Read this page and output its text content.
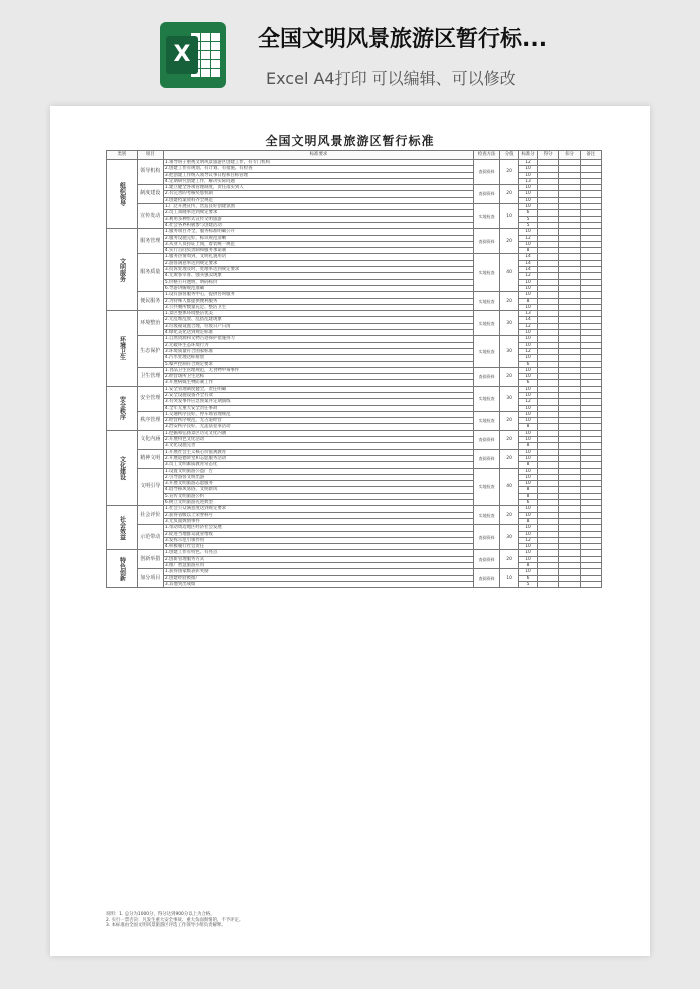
X
全国文明风景旅游区暂行标...
Excel A4打印 可以编辑、可以修改
全国文明风景旅游区暂行标准
类别	项目	标准要求	检查方法	分值	标准分	得分	扣分	备注
组织领导	领导机构	1.领导班子重视文明风景旅游区创建工作，有专门机构	查阅资料	20	12			
		2.创建工作有规划、有计划、有措施、有检查			10			
		3.把创建工作纳入领导议事日程和目标管理			10			
		4.定期研究创建工作，解决实际问题			13			
	制度建设	1.建立健全各项管理制度，责任落实到人	查阅资料	20	10			
		2.有完善的考核奖惩机制			10			
		3.创建档案资料齐全规范			10			
	宣传发动	1.广泛开展宣传，营造良好创建氛围	实地检查	10	10			
		2.员工知晓率达到规定要求			6			
		3.利用多种形式宣传文明旅游			5			
		4.社会各界积极参与创建活动			5			
文明服务	服务管理	1.服务项目齐全，服务标准明确公开	查阅资料	20	10			
		2.服务设施完好，标识规范清晰			12			
		3.从业人员持证上岗，着装统一规范			10			
		4.实行首问负责制和服务承诺制			8			
	服务质量	1.服务热情周到，文明礼貌用语	实地检查	40	14			
		2.游客满意率达到规定要求			14			
		3.投诉处理及时，处理率达到规定要求			14			
		4.无欺客宰客、强买强卖现象			12			
		5.价格公开透明，明码标价			10			
		6.导游讲解规范准确			10			
	便民服务	1.设有游客服务中心，提供咨询服务	实地检查	20	10			
		2.为特殊人群提供便利服务			8			
		3.公共厕所数量充足、整洁卫生			10			
环境卫生	环境整治	1.景区整体环境整洁优美	实地检查	30	13			
		2.无乱堆乱放、乱搭乱建现象			14			
		3.垃圾箱设置合理，垃圾日产日清			12			
		4.绿化美化达到规定标准			10			
	生态保护	1.自然资源和文物古迹保护措施得力	实地检查	30	10			
		2.无破坏生态环境行为			10			
		3.环境质量符合国家标准			12			
		4.污水处理达标排放			10			
		5.噪声控制符合规定要求			6			
	卫生管理	1.食品卫生管理规范，无食物中毒事件	查阅资料	20	10			
		2.经营场所卫生达标			10			
		3.开展病媒生物防制工作			6			
安全秩序	安全管理	1.安全管理制度健全，责任明确	实地检查	30	10			
		2.安全设施设备齐全有效			10			
		3.有突发事件应急预案并定期演练			12			
		4.全年无重大安全责任事故			10			
	秩序管理	1.交通秩序良好，停车场管理规范	实地检查	20	10			
		2.经营秩序规范，无占道经营			10			
		3.治安秩序良好，无违法犯罪活动			8			
文化建设	文化内涵	1.挖掘和弘扬景区历史文化内涵	查阅资料	20	10			
		2.开展特色文化活动			10			
		3.文化设施完善			8			
	精神文明	1.开展社会主义核心价值观教育	查阅资料	20	10			
		2.开展道德讲堂和志愿服务活动			10			
		3.员工文明素质教育常态化			8			
	文明引导	1.设置文明旅游公益广告	实地检查	40	10			
		2.引导游客文明出游			10			
		3.开展文明旅游志愿服务			10			
		4.倡导移风易俗、文明新风			8			
		5.宣传文明旅游公约			8			
		6.树立文明旅游先进典型			6			
社会效益	社会评价	1.社会公众满意度达到规定要求	实地检查	20	10			
		2.获得省级以上荣誉称号			10			
		3.无负面舆情事件			8			
	示范带动	1.带动周边地区经济社会发展	查阅资料	30	10			
		2.促进当地群众就业增收			10			
		3.发挥示范引领作用			12			
		4.积极履行社会责任			10			
特色创新	创新举措	1.创建工作有特色、有亮点	查阅资料	20	10			
		2.创新管理服务方式			10			
		3.推广智慧旅游应用			8			
	加分项目	1.获得国家级表彰奖励	查阅资料	10	10			
		2.创建经验被推广			6			
		3.其他突出成绩			5			
说明：1. 总分为1000分，得分达到900分以上为合格。
2. 实行一票否决：凡发生重大安全事故、重大负面舆情的，不予评定。
3. 本标准由全国文明风景旅游区评选工作领导小组负责解释。
